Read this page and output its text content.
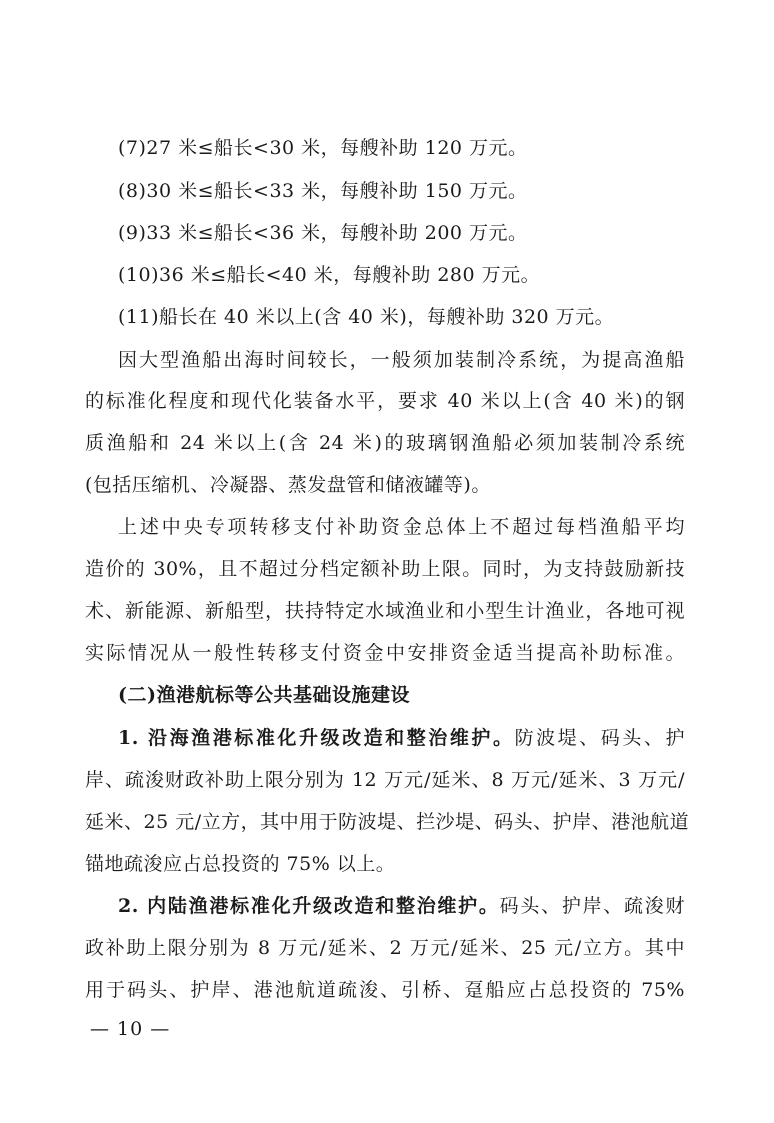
(7)27 米≤船长<30 米，每艘补助 120 万元。
(8)30 米≤船长<33 米，每艘补助 150 万元。
(9)33 米≤船长<36 米，每艘补助 200 万元。
(10)36 米≤船长<40 米，每艘补助 280 万元。
(11)船长在 40 米以上(含 40 米)，每艘补助 320 万元。
因大型渔船出海时间较长，一般须加装制冷系统，为提高渔船
的标准化程度和现代化装备水平，要求 40 米以上(含 40 米)的钢
质渔船和 24 米以上(含 24 米)的玻璃钢渔船必须加装制冷系统
(包括压缩机、冷凝器、蒸发盘管和储液罐等)。
上述中央专项转移支付补助资金总体上不超过每档渔船平均
造价的 30%，且不超过分档定额补助上限。同时，为支持鼓励新技
术、新能源、新船型，扶持特定水域渔业和小型生计渔业，各地可视
实际情况从一般性转移支付资金中安排资金适当提高补助标准。
(二)渔港航标等公共基础设施建设
1. 沿海渔港标准化升级改造和整治维护。防波堤、码头、护
岸、疏浚财政补助上限分别为 12 万元/延米、8 万元/延米、3 万元/
延米、25 元/立方，其中用于防波堤、拦沙堤、码头、护岸、港池航道
锚地疏浚应占总投资的 75% 以上。
2. 内陆渔港标准化升级改造和整治维护。码头、护岸、疏浚财
政补助上限分别为 8 万元/延米、2 万元/延米、25 元/立方。其中
用于码头、护岸、港池航道疏浚、引桥、趸船应占总投资的 75%
— 10 —
